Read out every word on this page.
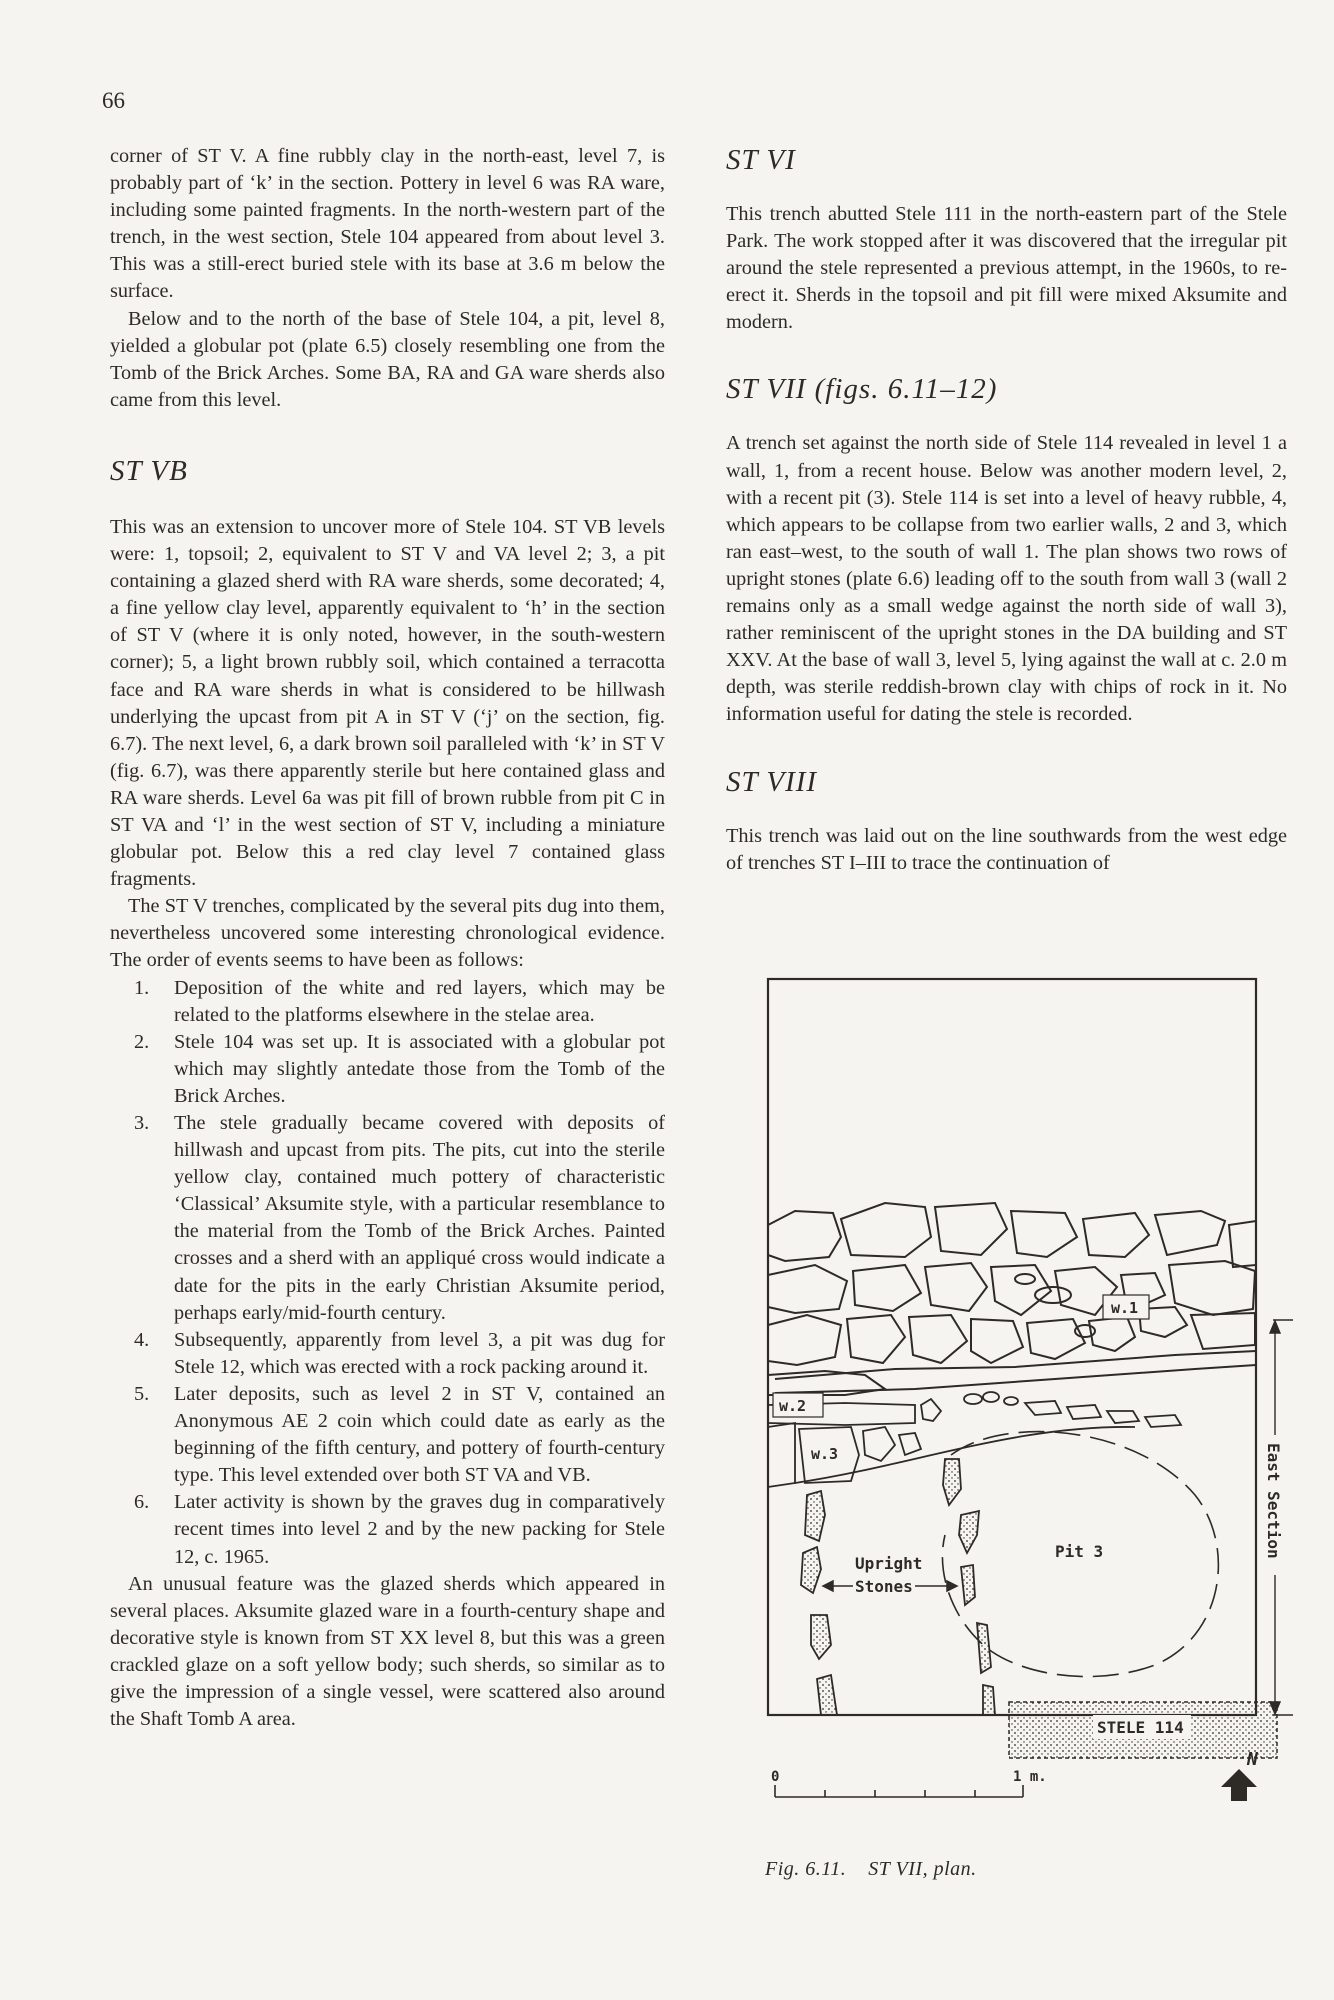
66

corner of ST V. A fine rubbly clay in the north-east, level 7, is probably part of ‘k’ in the section. Pottery in level 6 was RA ware, including some painted fragments. In the north-western part of the trench, in the west section, Stele 104 appeared from about level 3. This was a still-erect buried stele with its base at 3.6 m below the surface.

Below and to the north of the base of Stele 104, a pit, level 8, yielded a globular pot (plate 6.5) closely resembling one from the Tomb of the Brick Arches. Some BA, RA and GA ware sherds also came from this level.

ST VB

This was an extension to uncover more of Stele 104. ST VB levels were: 1, topsoil; 2, equivalent to ST V and VA level 2; 3, a pit containing a glazed sherd with RA ware sherds, some decorated; 4, a fine yellow clay level, apparently equivalent to ‘h’ in the section of ST V (where it is only noted, however, in the south-western corner); 5, a light brown rubbly soil, which contained a terracotta face and RA ware sherds in what is considered to be hillwash underlying the upcast from pit A in ST V (‘j’ on the section, fig. 6.7). The next level, 6, a dark brown soil paralleled with ‘k’ in ST V (fig. 6.7), was there apparently sterile but here contained glass and RA ware sherds. Level 6a was pit fill of brown rubble from pit C in ST VA and ‘l’ in the west section of ST V, including a miniature globular pot. Below this a red clay level 7 contained glass fragments.

The ST V trenches, complicated by the several pits dug into them, nevertheless uncovered some interesting chronological evidence. The order of events seems to have been as follows:

1. Deposition of the white and red layers, which may be related to the platforms elsewhere in the stelae area.
2. Stele 104 was set up. It is associated with a globular pot which may slightly antedate those from the Tomb of the Brick Arches.
3. The stele gradually became covered with deposits of hillwash and upcast from pits. The pits, cut into the sterile yellow clay, contained much pottery of characteristic ‘Classical’ Aksumite style, with a particular resemblance to the material from the Tomb of the Brick Arches. Painted crosses and a sherd with an appliqué cross would indicate a date for the pits in the early Christian Aksumite period, perhaps early/mid-fourth century.
4. Subsequently, apparently from level 3, a pit was dug for Stele 12, which was erected with a rock packing around it.
5. Later deposits, such as level 2 in ST V, contained an Anonymous AE 2 coin which could date as early as the beginning of the fifth century, and pottery of fourth-century type. This level extended over both ST VA and VB.
6. Later activity is shown by the graves dug in comparatively recent times into level 2 and by the new packing for Stele 12, c. 1965.

An unusual feature was the glazed sherds which appeared in several places. Aksumite glazed ware in a fourth-century shape and decorative style is known from ST XX level 8, but this was a green crackled glaze on a soft yellow body; such sherds, so similar as to give the impression of a single vessel, were scattered also around the Shaft Tomb A area.

ST VI

This trench abutted Stele 111 in the north-eastern part of the Stele Park. The work stopped after it was discovered that the irregular pit around the stele represented a previous attempt, in the 1960s, to re-erect it. Sherds in the topsoil and pit fill were mixed Aksumite and modern.

ST VII (figs. 6.11–12)

A trench set against the north side of Stele 114 revealed in level 1 a wall, 1, from a recent house. Below was another modern level, 2, with a recent pit (3). Stele 114 is set into a level of heavy rubble, 4, which appears to be collapse from two earlier walls, 2 and 3, which ran east–west, to the south of wall 1. The plan shows two rows of upright stones (plate 6.6) leading off to the south from wall 3 (wall 2 remains only as a small wedge against the north side of wall 3), rather reminiscent of the upright stones in the DA building and ST XXV. At the base of wall 3, level 5, lying against the wall at c. 2.0 m depth, was sterile reddish-brown clay with chips of rock in it. No information useful for dating the stele is recorded.

ST VIII

This trench was laid out on the line southwards from the west edge of trenches ST I–III to trace the continuation of

w.1
w.2
w.3
Pit 3
Upright
Stones
STELE 114
East Section
0	1 m.
N
Fig. 6.11. ST VII, plan.
